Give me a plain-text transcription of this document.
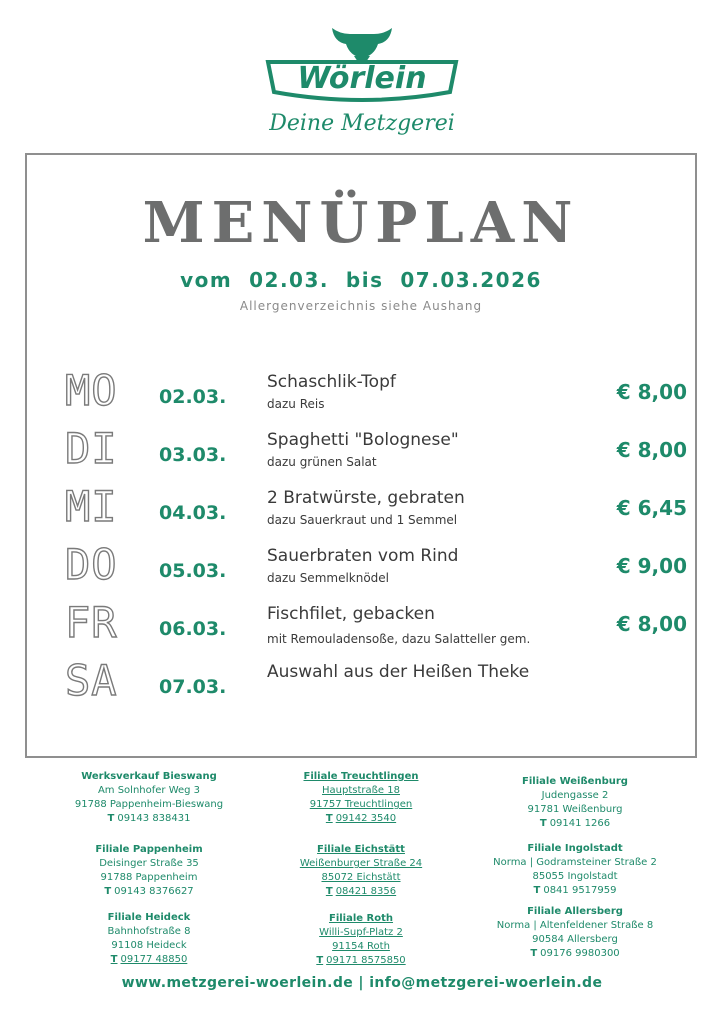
Wörlein
Deine Metzgerei
MENÜPLAN
vom  02.03.  bis  07.03.2026
Allergenverzeichnis siehe Aushang
MO 02.03.
Schaschlik-Topf
dazu Reis	€ 8,00
DI 03.03.
Spaghetti "Bolognese"
dazu grünen Salat	€ 8,00
MI 04.03.
2 Bratwürste, gebraten
dazu Sauerkraut und 1 Semmel	€ 6,45
DO 05.03.
Sauerbraten vom Rind
dazu Semmelknödel	€ 9,00
FR 06.03.
Fischfilet, gebacken
mit Remouladensoße, dazu Salatteller gem.
€ 8,00
SA 07.03.
Auswahl aus der Heißen Theke
Werksverkauf Bieswang
Am Solnhofer Weg 3
91788 Pappenheim-Bieswang
T 09143 838431
Filiale Pappenheim
Deisinger Straße 35
91788 Pappenheim
T 09143 8376627
Filiale Heideck
Bahnhofstraße 8
91108 Heideck
T 09177 48850
Filiale Treuchtlingen
Hauptstraße 18
91757 Treuchtlingen
T 09142 3540
Filiale Eichstätt
Weißenburger Straße 24
85072 Eichstätt
T 08421 8356
Filiale Roth
Willi-Supf-Platz 2
91154 Roth
T 09171 8575850
Filiale Weißenburg
Judengasse 2
91781 Weißenburg
T 09141 1266
Filiale Ingolstadt
Norma | Godramsteiner Straße 2
85055 Ingolstadt
T 0841 9517959
Filiale Allersberg
Norma | Altenfeldener Straße 8
90584 Allersberg
T 09176 9980300
www.metzgerei-woerlein.de | info@metzgerei-woerlein.de
